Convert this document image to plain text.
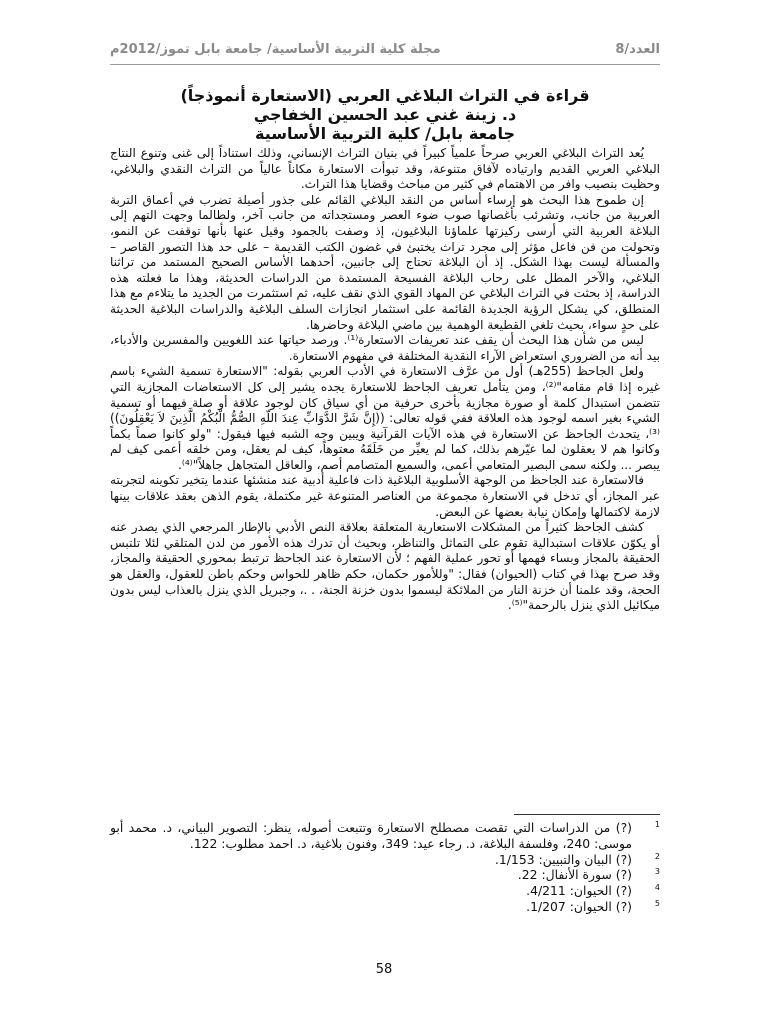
العدد/8
مجلة كلية التربية الأساسية/ جامعة بابل تموز/2012م
قراءة في التراث البلاغي العربي (الاستعارة أنموذجاً)
د. زينة غني عبد الحسين الخفاجي
جامعة بابل/ كلية التربية الأساسية

يُعد التراث البلاغي العربي صرحاً علمياً كبيراً في بنيان التراث الإنساني، وذلك استناداً إلى غنى وتنوع النتاج البلاغي العربي القديم وارتياده لآفاق متنوعة، وقد تبوأت الاستعارة مكاناً عالياً من التراث النقدي والبلاغي، وحظيت بنصيب وافر من الاهتمام في كثير من مباحث وقضايا هذا التراث.

إن طموح هذا البحث هو إرساء أساس من النقد البلاغي القائم على جذور أصيلة تضرب في أعماق التربة العربية من جانب، وتشرئب بأغصانها صوب ضوء العصر ومستجداته من جانب آخر، ولطالما وجهت التهم إلى البلاغة العربية التي أرسى ركيزتها علماؤنا البلاغيون، إذ وصفت بالجمود وقيل عنها بأنها توقفت عن النمو، وتحولت من فن فاعل مؤثر إلى مجرد تراث يختبئ في غضون الكتب القديمة – على حد هذا التصور القاصر – والمسألة ليست بهذا الشكل. إذ أن البلاغة تحتاج إلى جانبين، أحدهما الأساس الصحيح المستمد من تراثنا البلاغي، والآخر المطل على رحاب البلاغة الفسيحة المستمدة من الدراسات الحديثة، وهذا ما فعلته هذه الدراسة، إذ بحثت في التراث البلاغي عن المهاد القوي الذي نقف عليه، ثم استثمرت من الجديد ما يتلاءم مع هذا المنطلق، كي يشكل الرؤية الجديدة القائمة على استثمار انجازات السلف البلاغية والدراسات البلاغية الحديثة على حدٍ سواء، بحيث تلغي القطيعة الوهمية بين ماضي البلاغة وحاضرها.

ليس من شأن هذا البحث أن يقف عند تعريفات الاستعارة⁽¹⁾. ورصد حياتها عند اللغويين والمفسرين والأدباء، بيد أنه من الضروري استعراض الآراء النقدية المختلفة في مفهوم الاستعارة.

ولعل الجاحظ (255هـ) أول من عرَّف الاستعارة في الأدب العربي بقوله: "الاستعارة تسمية الشيء باسم غيره إذا قام مقامه"⁽²⁾، ومن يتأمل تعريف الجاحظ للاستعارة يجده يشير إلى كل الاستعاضات المجازية التي تتضمن استبدال كلمة أو صورة مجازية بأخرى حرفية من أي سياق كان لوجود علاقة أو صلة فيهما أو تسمية الشيء بغير اسمه لوجود هذه العلاقة ففي قوله تعالى: ((إِنَّ شَرَّ الدَّوَابِّ عِندَ اللّهِ الصُّمُّ الْبُكْمُ الَّذِينَ لاَ يَعْقِلُونَ))⁽³⁾، يتحدث الجاحظ عن الاستعارة في هذه الآيات القرآنية ويبين وجه الشبه فيها فيقول: "ولو كانوا صماً بكماً وكانوا هم لا يعقلون لما عيّرهم بذلك، كما لم يعيِّر من خَلَقَهُ معتوهاً، كيف لم يعقل، ومن خلقه أعمى كيف لم يبصر ... ولكنه سمى البصير المتعامي أعمى، والسميع المتصامم أصم، والعاقل المتجاهل جاهلاً"⁽⁴⁾.

فالاستعارة عند الجاحظ من الوجهة الأسلوبية البلاغية ذات فاعلية أدبية عند منشئها عندما يتخير تكوينه لتجربته عبر المجاز، أي تدخل في الاستعارة مجموعة من العناصر المتنوعة غير مكتملة، يقوم الذهن بعقد علاقات بينها لازمة لاكتمالها وإمكان نيابة بعضها عن البعض.

كشف الجاحظ كثيراً من المشكلات الاستعارية المتعلقة بعلاقة النص الأدبي بالإطار المرجعي الذي يصدر عنه أو يكوّن علاقات استبدالية تقوم على التماثل والتناظر، وبحيث أن تدرك هذه الأمور من لدن المتلقي لئلا تلتبس الحقيقة بالمجاز وبساء فهمها أو تحور عملية الفهم ؛ لأن الاستعارة عند الجاحظ ترتبط بمحوري الحقيقة والمجاز، وقد صرح بهذا في كتاب (الحيوان) فقال: "وللأمور حكمان، حكم ظاهر للحواس وحكم باطن للعقول، والعقل هو الحجة، وقد علمنا أن خزنة النار من الملائكة ليسموا بدون خزنة الجنة، . .، وجبريل الذي ينزل بالعذاب ليس بدون ميكائيل الذي ينزل بالرحمة"⁽⁵⁾.

1
(?) من الدراسات التي تقصت مصطلح الاستعارة وتتبعت أصوله، ينظر: التصوير البياني، د. محمد أبو موسى: 240، وفلسفة البلاغة، د. رجاء عيد: 349، وفنون بلاغية، د. احمد مطلوب: 122.
2
(?) البيان والتبيين: 1/153.
3
(?) سورة الأنفال: 22.
4
(?) الحيوان: 4/211.
5
(?) الحيوان: 1/207.
58
